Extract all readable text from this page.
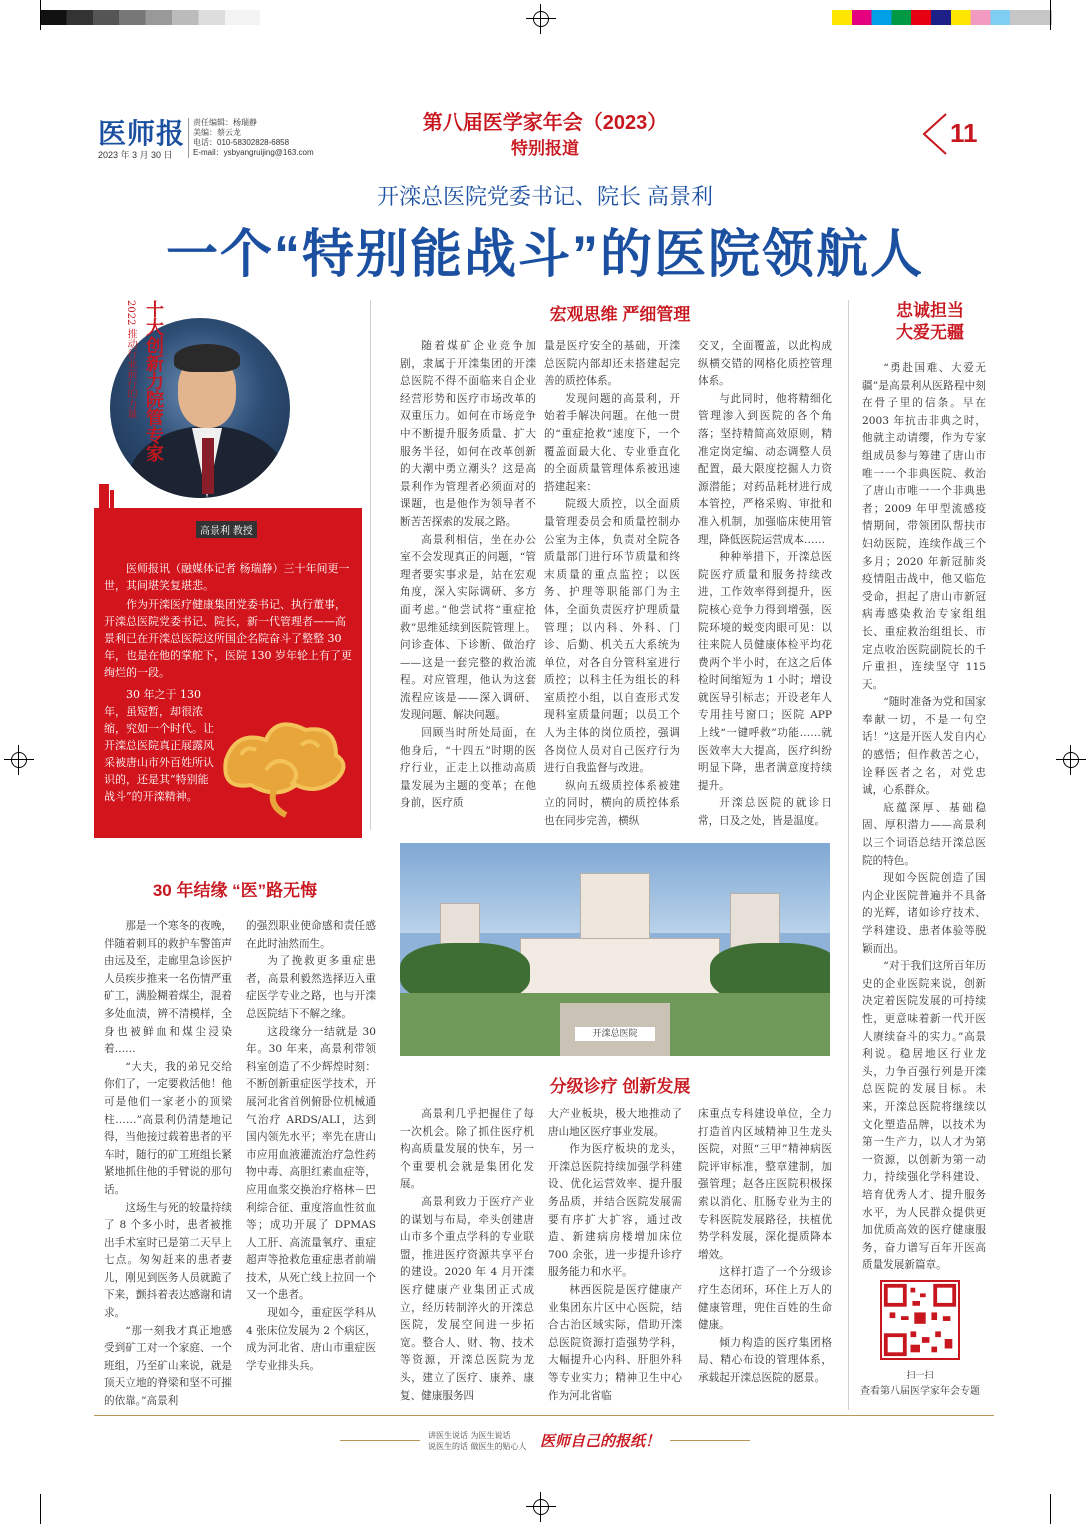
医师报
2023 年 3 月 30 日
责任编辑：杨瑞静
美编：蔡云龙
电话：010-58302828-6858
E-mail：ysbyangruijing@163.com
第八届医学家年会（2023）
特别报道
11
开滦总医院党委书记、院长 高景利
一个“特别能战斗”的医院领航人
十大创新力院管专家
2022 推动行业前行的力量
高景利 教授
医师报讯（融媒体记者 杨瑞静）三十年间更一世，其间堪笑复堪悲。
作为开滦医疗健康集团党委书记、执行董事，开滦总医院党委书记、院长，新一代管理者——高景利已在开滦总医院这所国企名院奋斗了整整 30 年，也是在他的掌舵下，医院 130 岁年轮上有了更绚烂的一段。
30 年之于 130 年，虽短暂，却很浓缩，究如一个时代。让开滦总医院真正展露风采被唐山市外百姓所认识的，还是其“特别能战斗”的开滦精神。
宏观思维 严细管理	忠诚担当
大爱无疆
30 年结缘 “医”路无悔
分级诊疗 创新发展

随着煤矿企业竞争加剧，隶属于开滦集团的开滦总医院不得不面临来自企业经营形势和医疗市场改革的双重压力。如何在市场竞争中不断提升服务质量、扩大服务半径，如何在改革创新的大潮中勇立潮头？这是高景利作为管理者必须面对的课题，也是他作为领导者不断苦苦探索的发展之路。

高景利相信，坐在办公室不会发现真正的问题，“管理者要实事求是，站在宏观角度，深入实际调研、多方面考虑。”他尝试将“重症抢救”思维延续到医院管理上。问诊查体、下诊断、做治疗——这是一套完整的救治流程。对应管理，他认为这套流程应该是——深入调研、发现问题、解决问题。

回顾当时所处局面，在他身后，“十四五”时期的医疗行业，正走上以推动高质量发展为主题的变革；在他身前，医疗质

量是医疗安全的基础，开滦总医院内部却还未搭建起完善的质控体系。

发现问题的高景利，开始着手解决问题。在他一贯的“重症抢救”速度下，一个覆盖面最大化、专业垂直化的全面质量管理体系被迅速搭建起来：

院级大质控，以全面质量管理委员会和质量控制办公室为主体，负责对全院各质量部门进行环节质量和终末质量的重点监控；以医务、护理等职能部门为主体，全面负责医疗护理质量管理；以内科、外科、门诊、后勤、机关五大系统为单位，对各自分管科室进行质控；以科主任为组长的科室质控小组，以自查形式发现科室质量问题；以员工个人为主体的岗位质控，强调各岗位人员对自己医疗行为进行自我监督与改进。

纵向五级质控体系被建立的同时，横向的质控体系也在同步完善，横纵

交叉，全面覆盖，以此构成纵横交错的网格化质控管理体系。

与此同时，他将精细化管理渗入到医院的各个角落；坚持精简高效原则，精准定岗定编、动态调整人员配置，最大限度挖掘人力资源潜能；对药品耗材进行成本管控，严格采购、审批和准入机制，加强临床使用管理，降低医院运营成本……

种种举措下，开滦总医院医疗质量和服务持续改进，工作效率得到提升，医院核心竞争力得到增强，医院环境的蜕变肉眼可见：以往来院人员健康体检平均花费两个半小时，在这之后体检时间缩短为 1 小时；增设就医导引标志；开设老年人专用挂号窗口；医院 APP 上线“一键呼救”功能……就医效率大大提高，医疗纠纷明显下降，患者满意度持续提升。

开滦总医院的就诊日常，日及之处，皆是温度。

“勇赴国难、大爱无疆”是高景利从医路程中刻在骨子里的信条。早在 2003 年抗击非典之时，他就主动请缨，作为专家组成员参与筹建了唐山市唯一一个非典医院、救治了唐山市唯一一个非典患者；2009 年甲型流感疫情期间，带领团队帮扶市妇幼医院，连续作战三个多月；2020 年新冠肺炎疫情阻击战中，他又临危受命，担起了唐山市新冠病毒感染救治专家组组长、重症救治组组长、市定点收治医院副院长的千斤重担，连续坚守 115 天。

“随时准备为党和国家奉献一切，不是一句空话！”这是开医人发自内心的感悟；但作救苦之心，诠释医者之名，对党忠诚，心系群众。

底蕴深厚、基础稳固、厚积潜力——高景利以三个词语总结开滦总医院的特色。

现如今医院创造了国内企业医院普遍并不具备的光辉，诸如诊疗技术、学科建设、患者体验等脱颖而出。

“对于我们这所百年历史的企业医院来说，创新决定着医院发展的可持续性，更意味着新一代开医人赓续奋斗的实力。”高景利说。稳居地区行业龙头，力争百强行列是开滦总医院的发展目标。未来，开滦总医院将继续以文化塑造品牌，以技术为第一生产力，以人才为第一资源，以创新为第一动力，持续强化学科建设、培育优秀人才、提升服务水平，为人民群众提供更加优质高效的医疗健康服务，奋力谱写百年开医高质量发展新篇章。

开滦总医院

那是一个寒冬的夜晚，伴随着刺耳的救护车警笛声由远及至，走廊里急诊医护人员疾步推来一名伤情严重矿工，满脸糊着煤尘，混着多处血渍，辨不清模样，全身也被鲜血和煤尘浸染着……

“大夫，我的弟兄交给你们了，一定要救活他！他可是他们一家老小的顶梁柱……”高景利仍清楚地记得，当他接过载着患者的平车时，随行的矿工班组长紧紧地抓住他的手臂说的那句话。

这场生与死的较量持续了 8 个多小时，患者被推出手术室时已是第二天早上七点。匆匆赶来的患者妻儿，刚见到医务人员就跪了下来，颤抖着表达感谢和请求。

“那一刻我才真正地感受到矿工对一个家庭、一个班组，乃至矿山来说，就是顶天立地的脊梁和坚不可摧的依靠。”高景利

的强烈职业使命感和责任感在此时油然而生。

为了挽救更多重症患者，高景利毅然选择迈入重症医学专业之路，也与开滦总医院结下不解之缘。

这段缘分一结就是 30 年。30 年来，高景利带领科室创造了不少辉煌时刻：不断创新重症医学技术，开展河北省首例俯卧位机械通气治疗 ARDS/ALI，达到国内领先水平；率先在唐山市应用血液灌流治疗急性药物中毒、高胆红素血症等，应用血浆交换治疗格林－巴利综合征、重度溶血性贫血等；成功开展了 DPMAS 人工肝、高流量氧疗、重症超声等抢救危重症患者前端技术，从死亡线上拉回一个又一个患者。

现如今，重症医学科从 4 张床位发展为 2 个病区，成为河北省、唐山市重症医学专业排头兵。

高景利几乎把握住了每一次机会。除了抓住医疗机构高质量发展的快车，另一个重要机会就是集团化发展。

高景利致力于医疗产业的谋划与布局，牵头创建唐山市多个重点学科的专业联盟，推进医疗资源共享平台的建设。2020 年 4 月开滦医疗健康产业集团正式成立，经历转制淬火的开滦总医院，发展空间进一步拓宽。整合人、财、物、技术等资源，开滦总医院为龙头，建立了医疗、康养、康复、健康服务四

大产业板块，极大地推动了唐山地区医疗事业发展。

作为医疗板块的龙头，开滦总医院持续加强学科建设、优化运营效率、提升服务品质，并结合医院发展需要有序扩大扩容，通过改造、新建病房楼增加床位 700 余张，进一步提升诊疗服务能力和水平。

林西医院是医疗健康产业集团东片区中心医院，结合古治区域实际，借助开滦总医院资源打造强势学科，大幅提升心内科、肝胆外科等专业实力；精神卫生中心作为河北省临

床重点专科建设单位，全力打造首内区域精神卫生龙头医院，对照“三甲”精神病医院评审标准，整章建制，加强管理；赵各庄医院积极探索以消化、肛肠专业为主的专科医院发展路径，扶植优势学科发展，深化提质降本增效。

这样打造了一个分级诊疗生态闭环，环住上万人的健康管理，兜住百姓的生命健康。

倾力构造的医疗集团格局、精心布设的管理体系，承载起开滦总医院的愿景。	扫一扫
查看第八届医学家年会专题
讲医生说话 为医生说话
说医生的话 做医生的贴心人 医师自己的报纸！
